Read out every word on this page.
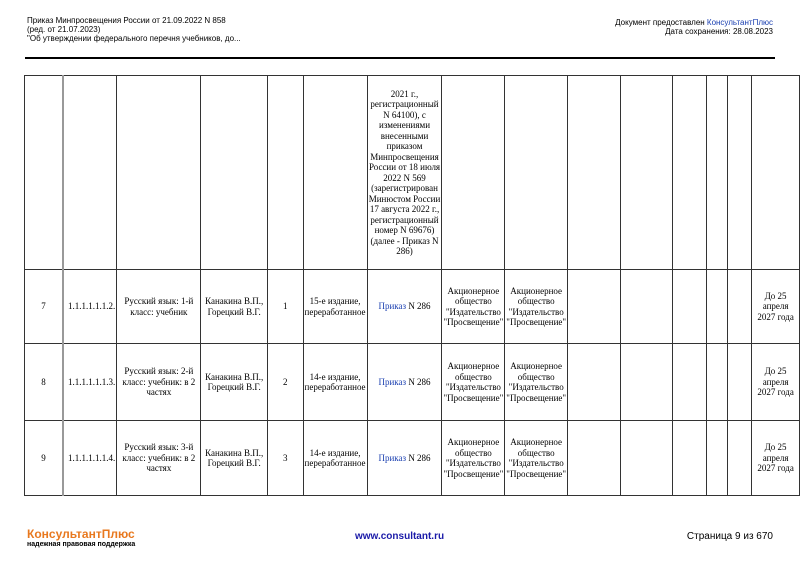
Приказ Минпросвещения России от 21.09.2022 N 858
(ред. от 21.07.2023)
"Об утверждении федерального перечня учебников, до...
Документ предоставлен КонсультантПлюс
Дата сохранения: 28.08.2023
						2021 г., регистрационный N 64100), с изменениями внесенными приказом Минпросвещения России от 18 июля 2022 N 569 (зарегистрирован Минюстом России 17 августа 2022 г., регистрационный номер N 69676) (далее - Приказ N 286)								
7	1.1.1.1.1.1.2.	Русский язык: 1-й класс: учебник	Канакина В.П., Горецкий В.Г.	1	15-е издание, переработанное	Приказ N 286	Акционерное общество "Издательство "Просвещение"	Акционерное общество "Издательство "Просвещение"						До 25 апреля 2027 года
8	1.1.1.1.1.1.3.	Русский язык: 2-й класс: учебник: в 2 частях	Канакина В.П., Горецкий В.Г.	2	14-е издание, переработанное	Приказ N 286	Акционерное общество "Издательство "Просвещение"	Акционерное общество "Издательство "Просвещение"						До 25 апреля 2027 года
9	1.1.1.1.1.1.4.	Русский язык: 3-й класс: учебник: в 2 частях	Канакина В.П., Горецкий В.Г.	3	14-е издание, переработанное	Приказ N 286	Акционерное общество "Издательство "Просвещение"	Акционерное общество "Издательство "Просвещение"						До 25 апреля 2027 года
КонсультантПлюс
надежная правовая поддержка
www.consultant.ru	Страница 9 из 670
